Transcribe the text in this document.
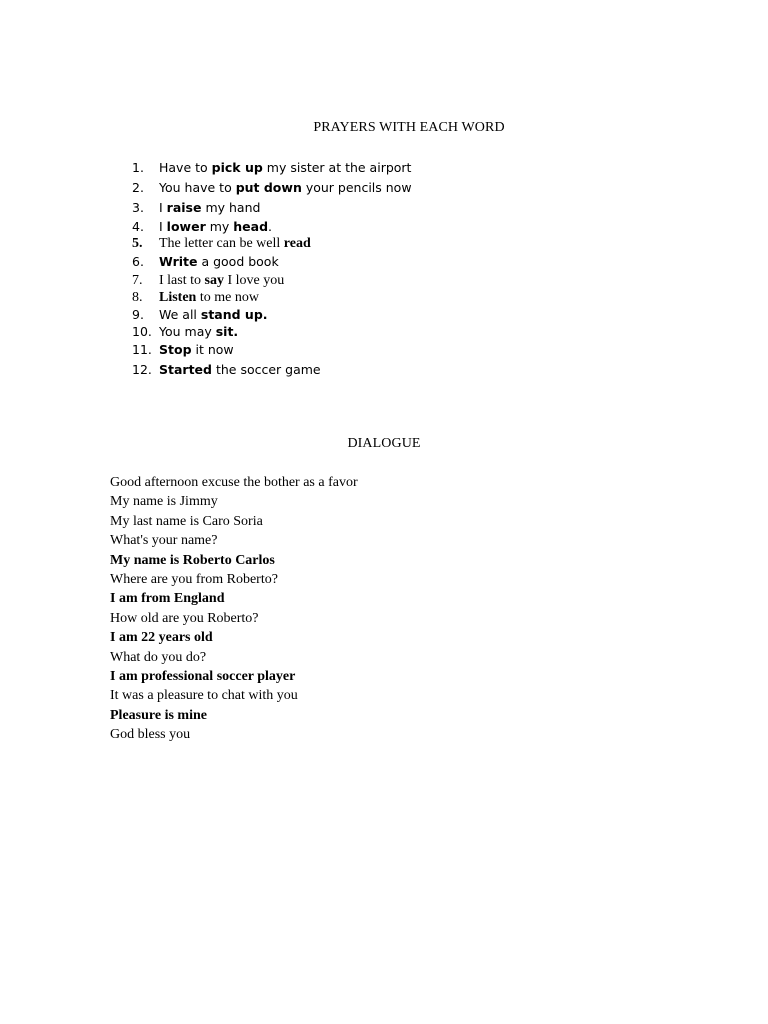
PRAYERS WITH EACH WORD
1.	Have to pick up my sister at the airport
2.	You have to put down your pencils now
3.	I raise my hand
4.	I lower my head.
5.	The letter can be well read
6.	Write a good book
7.	I last to say I love you
8.	Listen to me now
9.	We all stand up.
10. You may sit.
11. Stop it now
12. Started the soccer game
DIALOGUE
Good afternoon excuse the bother as a favor
My name is Jimmy
My last name is Caro Soria
What's your name?
My name is Roberto Carlos
Where are you from Roberto?
I am from England
How old are you Roberto?
I am 22 years old
What do you do?
I am professional soccer player
It was a pleasure to chat with you
Pleasure is mine
God bless you
